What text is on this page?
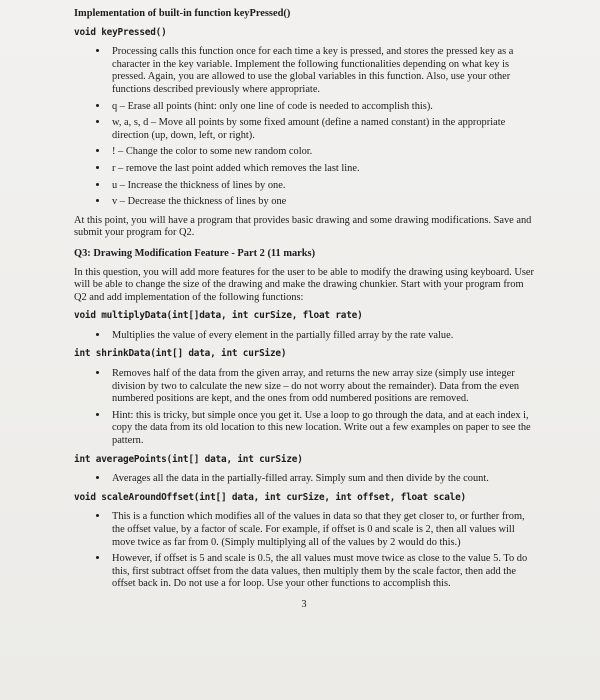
Implementation of built-in function keyPressed()
void keyPressed()
• Processing calls this function once for each time a key is pressed, and stores the pressed key as a character in the key variable. Implement the following functionalities depending on what key is pressed. Again, you are allowed to use the global variables in this function. Also, use your other functions described previously where appropriate.
• q – Erase all points (hint: only one line of code is needed to accomplish this).
• w, a, s, d – Move all points by some fixed amount (define a named constant) in the appropriate direction (up, down, left, or right).
• ! – Change the color to some new random color.
• r – remove the last point added which removes the last line.
• u – Increase the thickness of lines by one.
• v – Decrease the thickness of lines by one

At this point, you will have a program that provides basic drawing and some drawing modifications. Save and submit your program for Q2.

Q3: Drawing Modification Feature - Part 2 (11 marks)

In this question, you will add more features for the user to be able to modify the drawing using keyboard. User will be able to change the size of the drawing and make the drawing chunkier. Start with your program from Q2 and add implementation of the following functions:

void multiplyData(int[]data, int curSize, float rate)
• Multiplies the value of every element in the partially filled array by the rate value.
int shrinkData(int[] data, int curSize)
• Removes half of the data from the given array, and returns the new array size (simply use integer division by two to calculate the new size – do not worry about the remainder). Data from the even numbered positions are kept, and the ones from odd numbered positions are removed.
• Hint: this is tricky, but simple once you get it. Use a loop to go through the data, and at each index i, copy the data from its old location to this new location. Write out a few examples on paper to see the pattern.
int averagePoints(int[] data, int curSize)
• Averages all the data in the partially-filled array. Simply sum and then divide by the count.
void scaleAroundOffset(int[] data, int curSize, int offset, float scale)
• This is a function which modifies all of the values in data so that they get closer to, or further from, the offset value, by a factor of scale. For example, if offset is 0 and scale is 2, then all values will move twice as far from 0. (Simply multiplying all of the values by 2 would do this.)
• However, if offset is 5 and scale is 0.5, the all values must move twice as close to the value 5. To do this, first subtract offset from the data values, then multiply them by the scale factor, then add the offset back in. Do not use a for loop. Use your other functions to accomplish this.
3
